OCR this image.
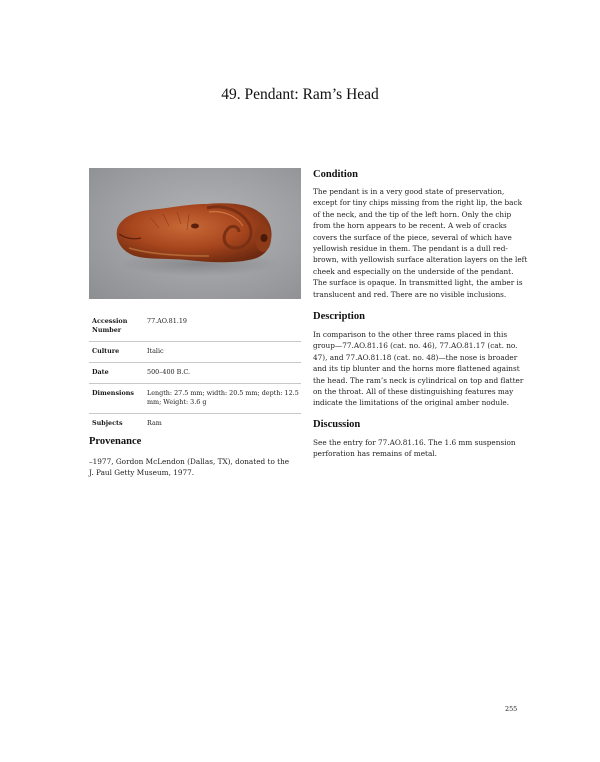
49. Pendant: Ram’s Head
Accession Number	77.AO.81.19
Culture	Italic
Date	500–400 B.C.
Dimensions	Length: 27.5 mm; width: 20.5 mm; depth: 12.5 mm; Weight: 3.6 g
Subjects	Ram
Provenance

–1977, Gordon McLendon (Dallas, TX), donated to the J. Paul Getty Museum, 1977.

Condition

The pendant is in a very good state of preservation, except for tiny chips missing from the right lip, the back of the neck, and the tip of the left horn. Only the chip from the horn appears to be recent. A web of cracks covers the surface of the piece, several of which have yellowish residue in them. The pendant is a dull red-brown, with yellowish surface alteration layers on the left cheek and especially on the underside of the pendant. The surface is opaque. In transmitted light, the amber is translucent and red. There are no visible inclusions.

Description

In comparison to the other three rams placed in this group—77.AO.81.16 (cat. no. 46), 77.AO.81.17 (cat. no. 47), and 77.AO.81.18 (cat. no. 48)—the nose is broader and its tip blunter and the horns more flattened against the head. The ram’s neck is cylindrical on top and flatter on the throat. All of these distinguishing features may indicate the limitations of the original amber nodule.

Discussion

See the entry for 77.AO.81.16. The 1.6 mm suspension perforation has remains of metal.

255
